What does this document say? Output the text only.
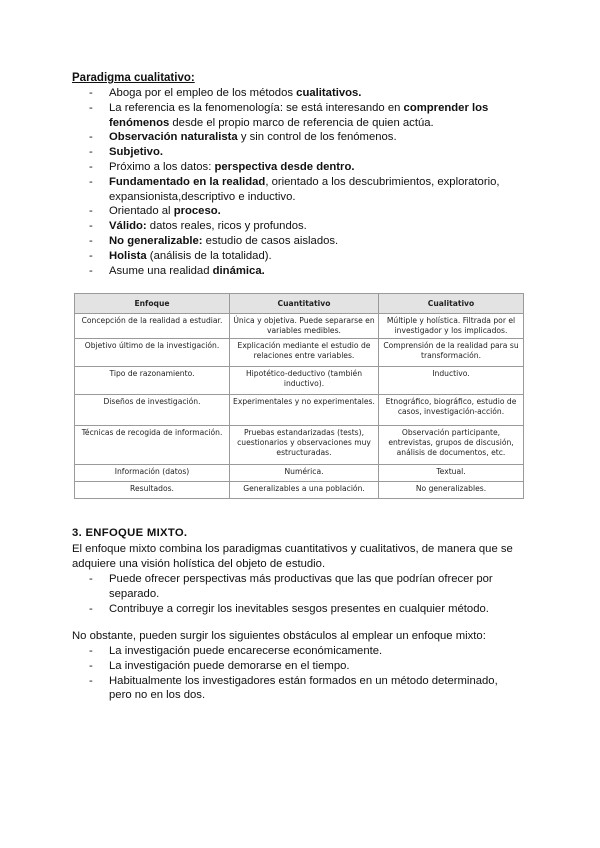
Paradigma cualitativo:
- Aboga por el empleo de los métodos cualitativos.
- La referencia es la fenomenología: se está interesando en comprender los fenómenos desde el propio marco de referencia de quien actúa.
- Observación naturalista y sin control de los fenómenos.
- Subjetivo.
- Próximo a los datos: perspectiva desde dentro.
- Fundamentado en la realidad, orientado a los descubrimientos, exploratorio, expansionista,descriptivo e inductivo.
- Orientado al proceso.
- Válido: datos reales, ricos y profundos.
- No generalizable: estudio de casos aislados.
- Holista (análisis de la totalidad).
- Asume una realidad dinámica.
Enfoque	Cuantitativo	Cualitativo
Concepción de la realidad a estudiar.	Única y objetiva. Puede separarse en variables medibles.	Múltiple y holística. Filtrada por el investigador y los implicados.
Objetivo último de la investigación.	Explicación mediante el estudio de relaciones entre variables.	Comprensión de la realidad para su transformación.
Tipo de razonamiento.	Hipotético-deductivo (también inductivo).	Inductivo.
Diseños de investigación.	Experimentales y no experimentales.	Etnográfico, biográfico, estudio de casos, investigación-acción.
Técnicas de recogida de información.	Pruebas estandarizadas (tests), cuestionarios y observaciones muy estructuradas.	Observación participante, entrevistas, grupos de discusión, análisis de documentos, etc.
Información (datos)	Numérica.	Textual.
Resultados.	Generalizables a una población.	No generalizables.
3. ENFOQUE MIXTO.
El enfoque mixto combina los paradigmas cuantitativos y cualitativos, de manera que se adquiere una visión holística del objeto de estudio.
- Puede ofrecer perspectivas más productivas que las que podrían ofrecer por separado.
- Contribuye a corregir los inevitables sesgos presentes en cualquier método.
No obstante, pueden surgir los siguientes obstáculos al emplear un enfoque mixto:
- La investigación puede encarecerse económicamente.
- La investigación puede demorarse en el tiempo.
- Habitualmente los investigadores están formados en un método determinado, pero no en los dos.
